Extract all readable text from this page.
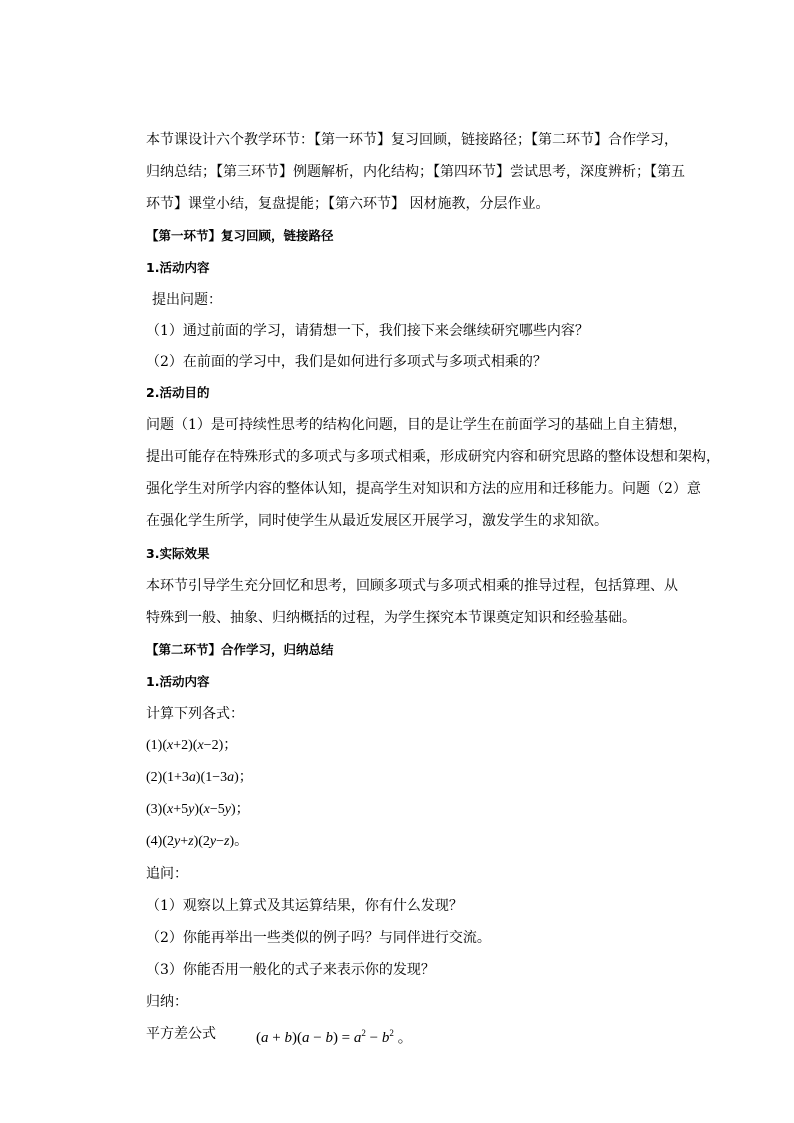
本节课设计六个教学环节：【第一环节】复习回顾，链接路径；【第二环节】合作学习，
归纳总结；【第三环节】例题解析，内化结构；【第四环节】尝试思考，深度辨析；【第五
环节】课堂小结，复盘提能；【第六环节】 因材施教，分层作业。
【第一环节】复习回顾，链接路径
1.活动内容
提出问题：
（1）通过前面的学习，请猜想一下，我们接下来会继续研究哪些内容？
（2）在前面的学习中，我们是如何进行多项式与多项式相乘的？
2.活动目的
问题（1）是可持续性思考的结构化问题，目的是让学生在前面学习的基础上自主猜想，
提出可能存在特殊形式的多项式与多项式相乘，形成研究内容和研究思路的整体设想和架构，
强化学生对所学内容的整体认知，提高学生对知识和方法的应用和迁移能力。问题（2）意
在强化学生所学，同时使学生从最近发展区开展学习，激发学生的求知欲。
3.实际效果
本环节引导学生充分回忆和思考，回顾多项式与多项式相乘的推导过程，包括算理、从
特殊到一般、抽象、归纳概括的过程，为学生探究本节课奠定知识和经验基础。
【第二环节】合作学习，归纳总结
1.活动内容
计算下列各式：
(1)(x+2)(x−2)；
(2)(1+3a)(1−3a)；
(3)(x+5y)(x−5y)；
(4)(2y+z)(2y−z)。
追问：
（1）观察以上算式及其运算结果，你有什么发现？
（2）你能再举出一些类似的例子吗？与同伴进行交流。
（3）你能否用一般化的式子来表示你的发现？
归纳：
平方差公式	$(a + b)(a - b) = a^2 - b^2$ 。
